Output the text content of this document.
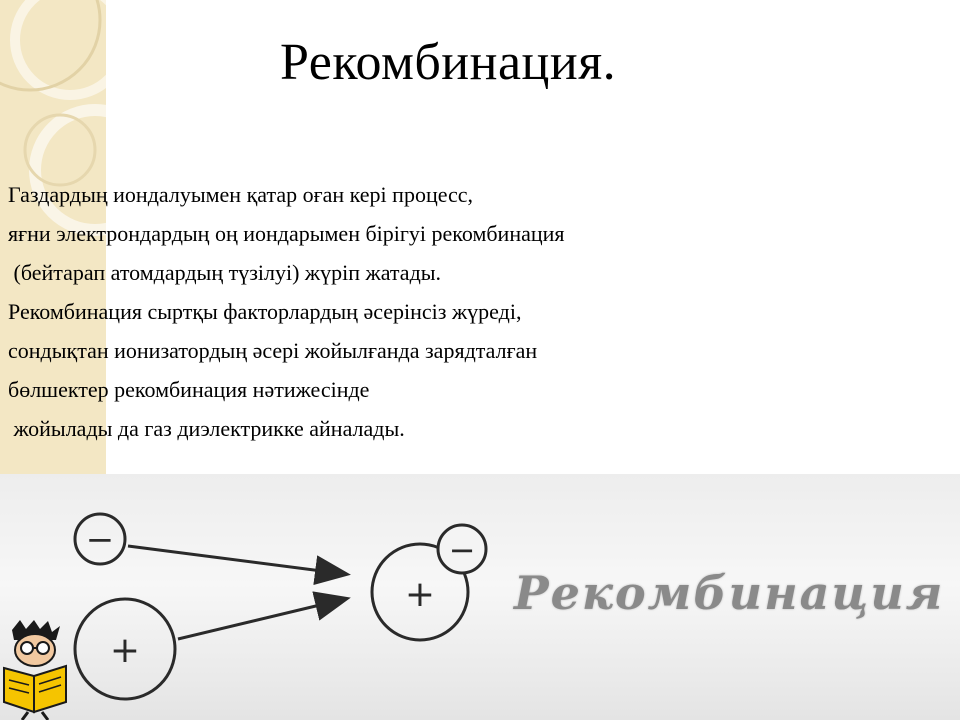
Рекомбинация.
Газдардың иондалуымен қатар оған кері процесс,
яғни электрондардың оң иондарымен бірігуі рекомбинация
(бейтарап атомдардың түзілуі) жүріп жатады.
Рекомбинация сыртқы факторлардың әсерінсіз жүреді,
сондықтан ионизатордың әсері жойылғанда зарядталған
бөлшектер рекомбинация нәтижесінде
жойылады да газ диэлектрикке айналады.
−
+
+
−
Рекомбинация
